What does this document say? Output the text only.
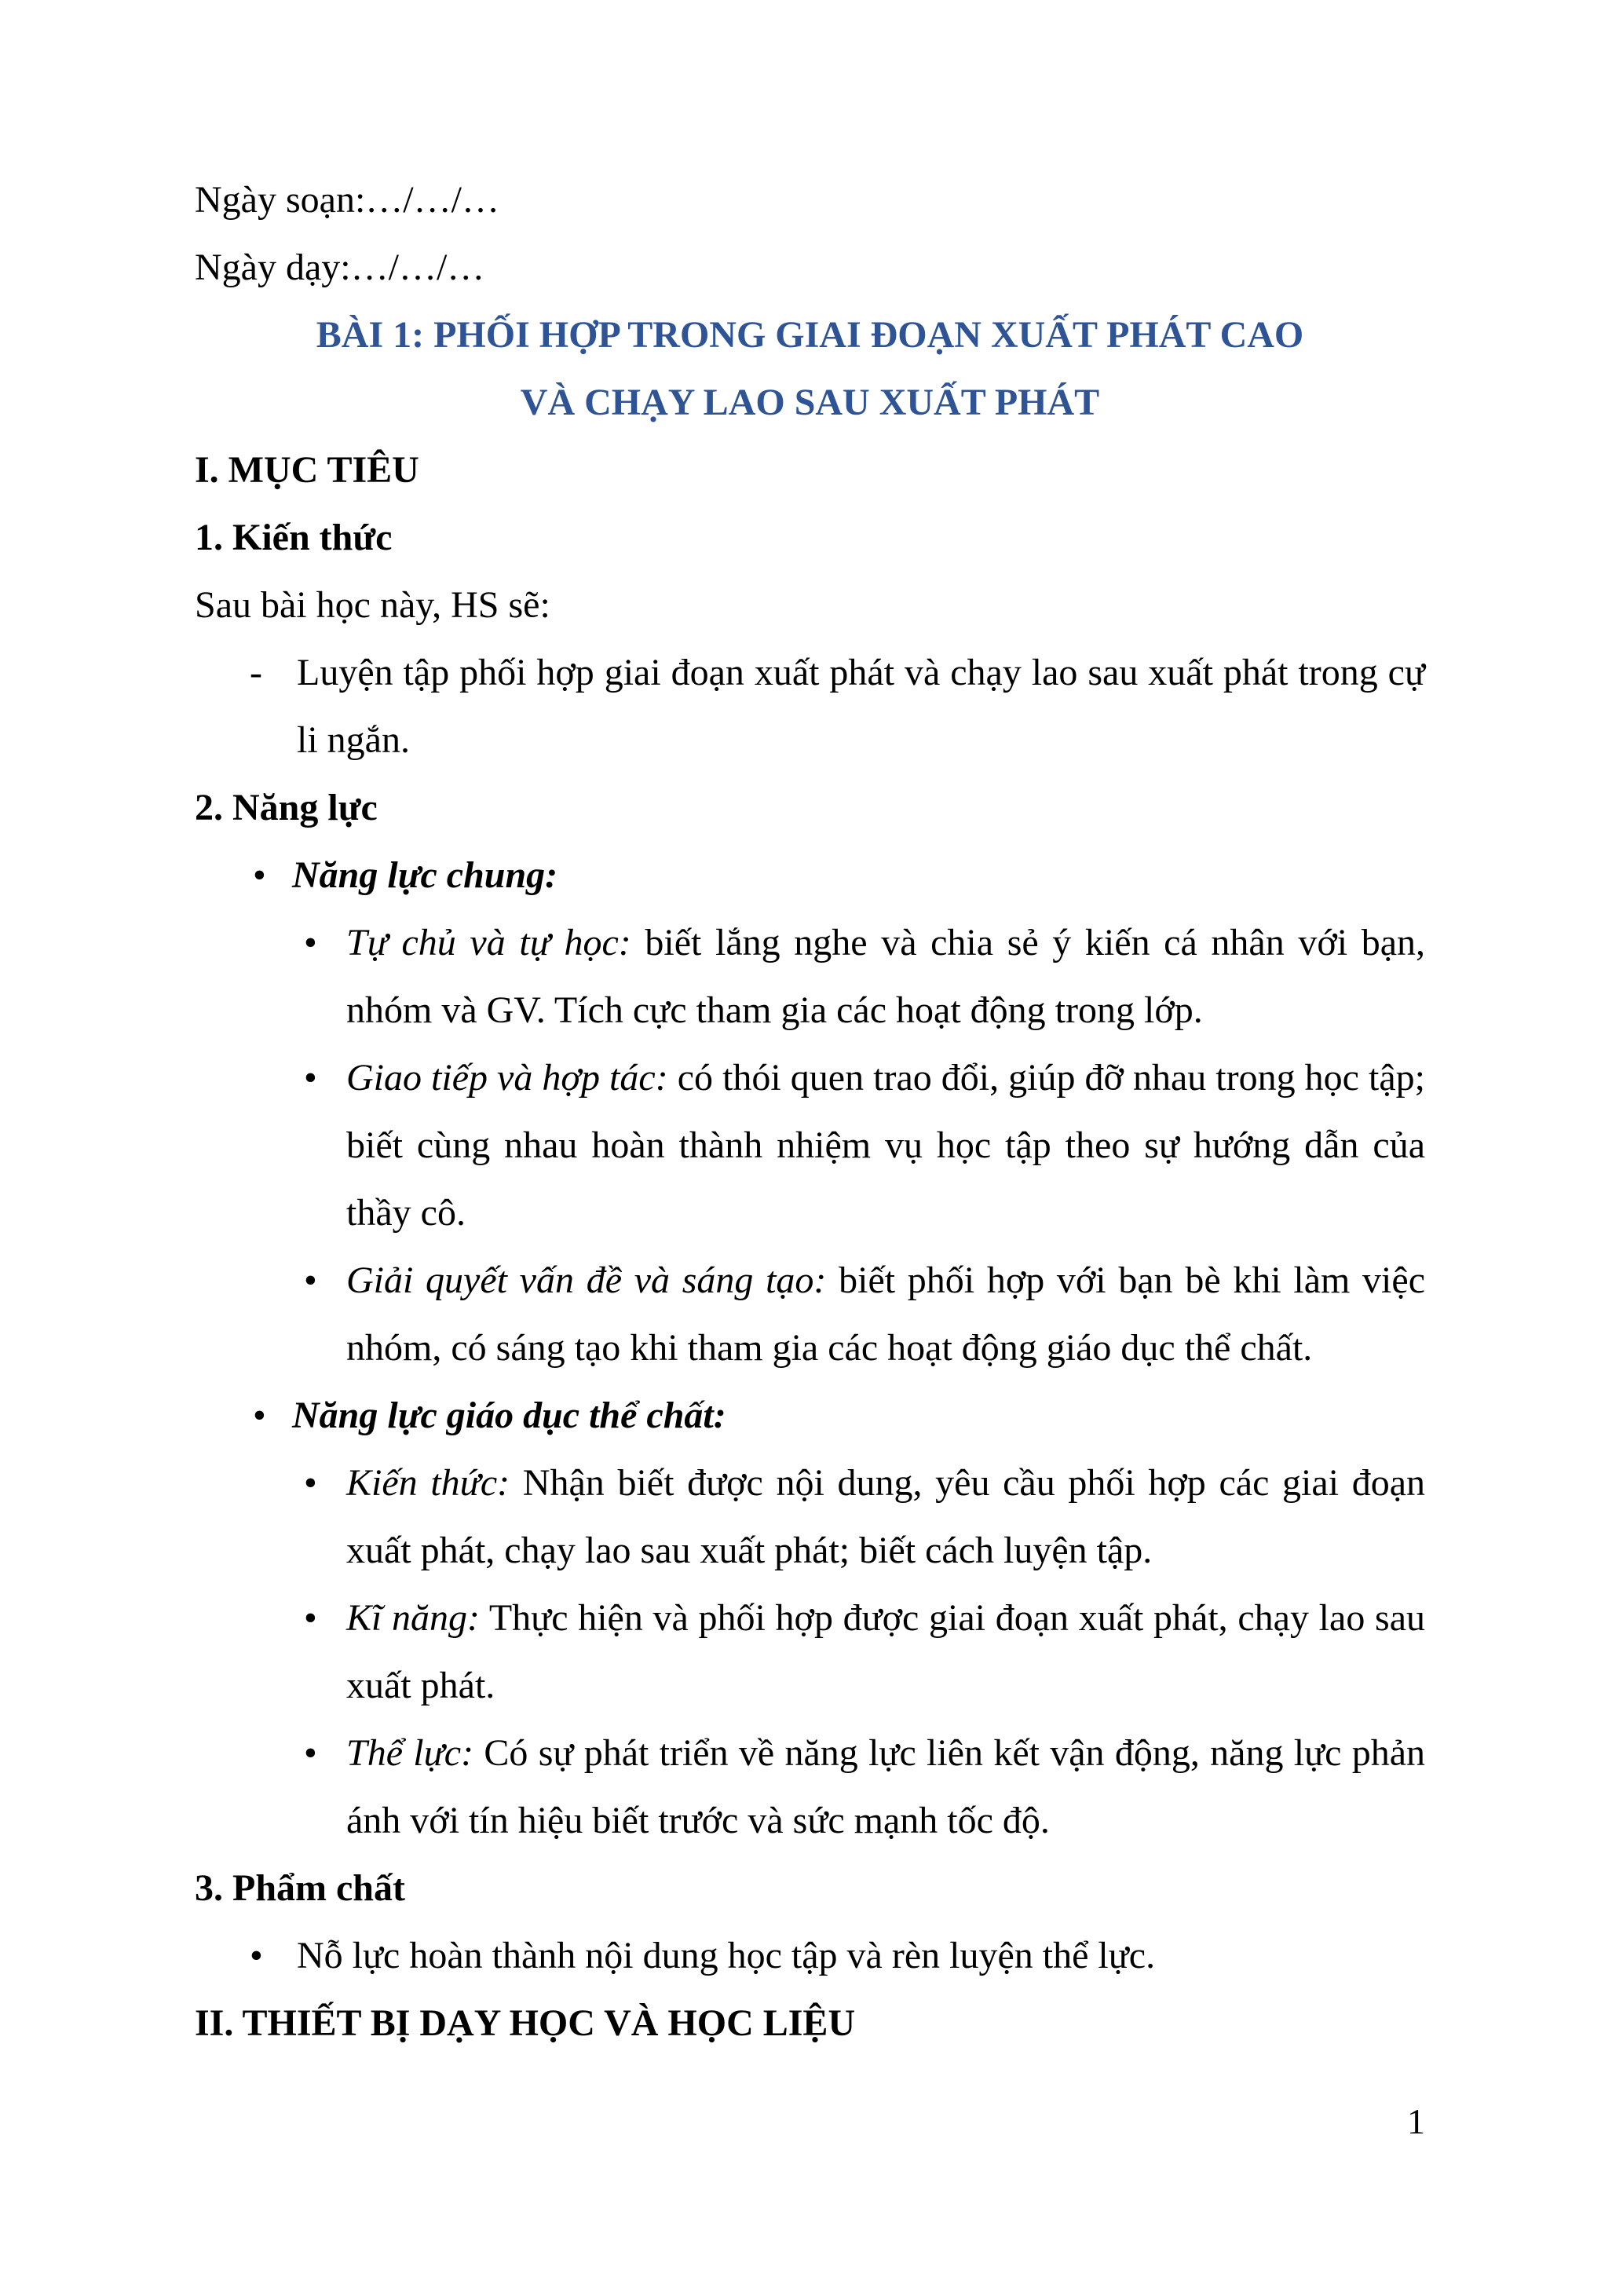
Ngày soạn:…/…/…

Ngày dạy:…/…/…

BÀI 1: PHỐI HỢP TRONG GIAI ĐOẠN XUẤT PHÁT CAO

VÀ CHẠY LAO SAU XUẤT PHÁT

I. MỤC TIÊU

1. Kiến thức

Sau bài học này, HS sẽ:

- Luyện tập phối hợp giai đoạn xuất phát và chạy lao sau xuất phát trong cự li ngắn.

2. Năng lực

• Năng lực chung:
• Tự chủ và tự học: biết lắng nghe và chia sẻ ý kiến cá nhân với bạn, nhóm và GV. Tích cực tham gia các hoạt động trong lớp.
• Giao tiếp và hợp tác: có thói quen trao đổi, giúp đỡ nhau trong học tập; biết cùng nhau hoàn thành nhiệm vụ học tập theo sự hướng dẫn của thầy cô.
• Giải quyết vấn đề và sáng tạo: biết phối hợp với bạn bè khi làm việc nhóm, có sáng tạo khi tham gia các hoạt động giáo dục thể chất.
• Năng lực giáo dục thể chất:
• Kiến thức: Nhận biết được nội dung, yêu cầu phối hợp các giai đoạn xuất phát, chạy lao sau xuất phát; biết cách luyện tập.
• Kĩ năng: Thực hiện và phối hợp được giai đoạn xuất phát, chạy lao sau xuất phát.
• Thể lực: Có sự phát triển về năng lực liên kết vận động, năng lực phản ánh với tín hiệu biết trước và sức mạnh tốc độ.

3. Phẩm chất

• Nỗ lực hoàn thành nội dung học tập và rèn luyện thể lực.

II. THIẾT BỊ DẠY HỌC VÀ HỌC LIỆU

1
